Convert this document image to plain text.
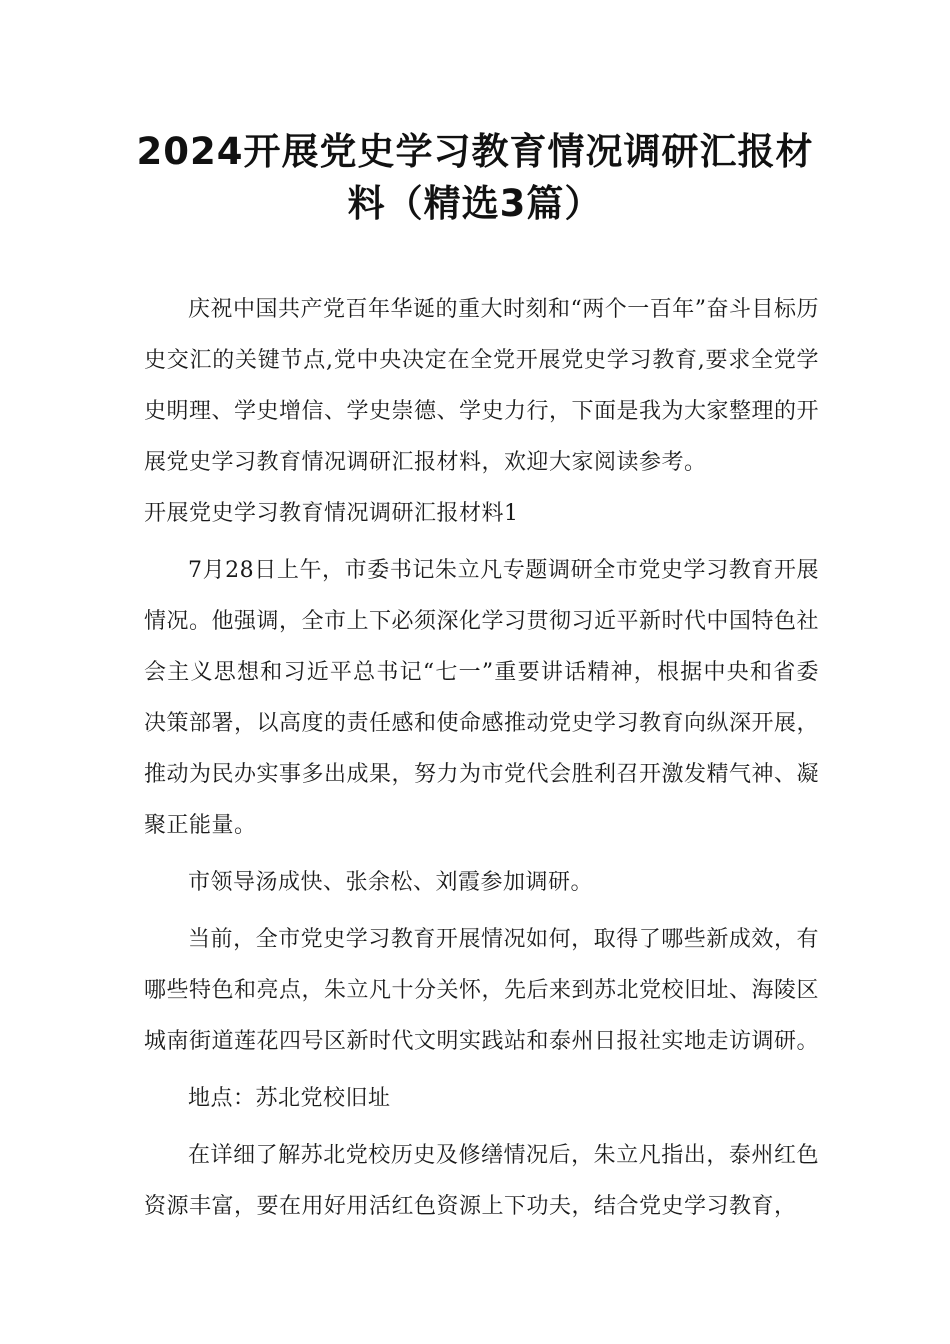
2024开展党史学习教育情况调研汇报材料（精选3篇）

庆祝中国共产党百年华诞的重大时刻和“两个一百年”奋斗目标历史交汇的关键节点,党中央决定在全党开展党史学习教育,要求全党学史明理、学史增信、学史崇德、学史力行，下面是我为大家整理的开展党史学习教育情况调研汇报材料，欢迎大家阅读参考。

开展党史学习教育情况调研汇报材料1

7月28日上午，市委书记朱立凡专题调研全市党史学习教育开展情况。他强调，全市上下必须深化学习贯彻习近平新时代中国特色社会主义思想和习近平总书记“七一”重要讲话精神，根据中央和省委决策部署，以高度的责任感和使命感推动党史学习教育向纵深开展，推动为民办实事多出成果，努力为市党代会胜利召开激发精气神、凝聚正能量。

市领导汤成快、张余松、刘霞参加调研。

当前，全市党史学习教育开展情况如何，取得了哪些新成效，有哪些特色和亮点，朱立凡十分关怀，先后来到苏北党校旧址、海陵区城南街道莲花四号区新时代文明实践站和泰州日报社实地走访调研。

地点：苏北党校旧址

在详细了解苏北党校历史及修缮情况后，朱立凡指出，泰州红色资源丰富，要在用好用活红色资源上下功夫，结合党史学习教育，
